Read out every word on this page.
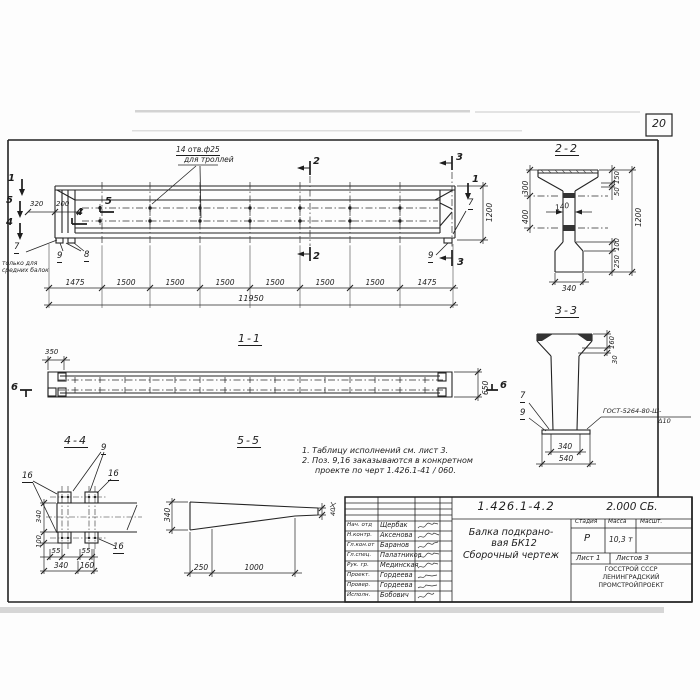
20
14 отв.ф25
для троллей
1
5
4
2
2
3
3
1
5
4
320 200
7
только для
средних балок
9	8
7
9
1200
1475	1500	1500	1500	1500	1500	1500	1475
11950
1-1
350
650
6	6
2-2
300
400
150
50
140
1200
100
250
340
3-3
160
30
7
9	ГОСТ-5264-80-Ш-
Δ10
340
540
4-4
9
16	16
16
340
100
55	55
340 160
5-5
340	40
250	1000
1. Таблицу исполнений см. лист 3.
2. Поз. 9,16 заказываются в конкретном
проекте по черт 1.426.1-41 / 060.
1.426.1-4.2	2.000 СБ.
Балка подкрано-
вая БК12
Сборочный чертеж
Стадия Масса Масшт.
Р	10,3 т
Лист 1 Листов 3
ГОССТРОЙ СССР
ЛЕНИНГРАДСКИЙ
ПРОМСТРОЙПРОЕКТ
Нач. отд Щербак
Н.контр. Аксенова
Гл.кон.от Баранов
Гл.спец. Палатников
Рук. гр. Мединская
Проект. Гордеева
Провер. Гордеева
Исполн. Бобович
